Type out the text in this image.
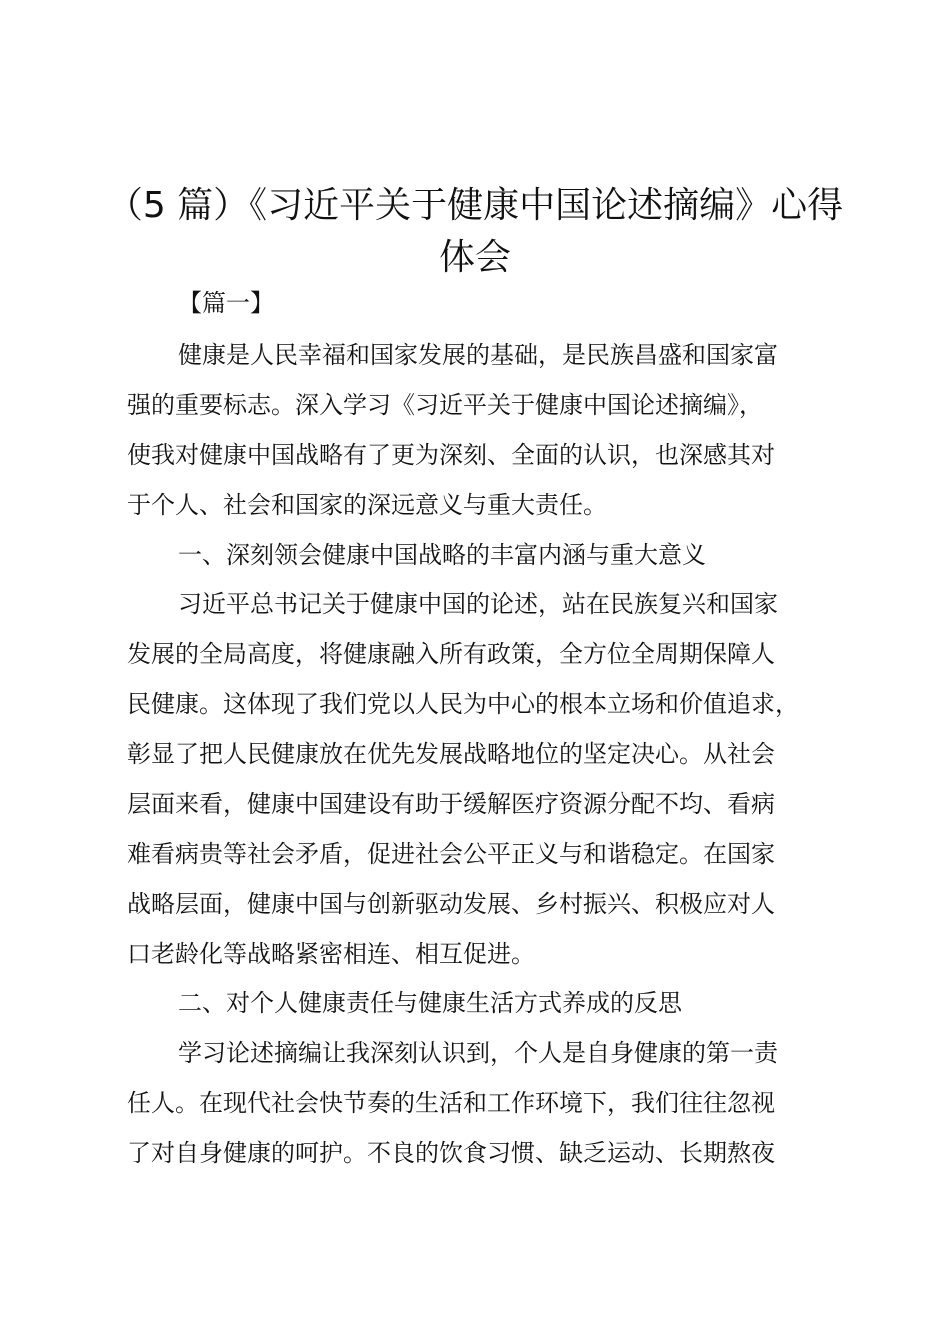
（5 篇）《习近平关于健康中国论述摘编》心得
体会

【篇一】

健康是人民幸福和国家发展的基础，是民族昌盛和国家富
强的重要标志。深入学习《习近平关于健康中国论述摘编》，
使我对健康中国战略有了更为深刻、全面的认识，也深感其对
于个人、社会和国家的深远意义与重大责任。

一、深刻领会健康中国战略的丰富内涵与重大意义

习近平总书记关于健康中国的论述，站在民族复兴和国家
发展的全局高度，将健康融入所有政策，全方位全周期保障人
民健康。这体现了我们党以人民为中心的根本立场和价值追求，
彰显了把人民健康放在优先发展战略地位的坚定决心。从社会
层面来看，健康中国建设有助于缓解医疗资源分配不均、看病
难看病贵等社会矛盾，促进社会公平正义与和谐稳定。在国家
战略层面，健康中国与创新驱动发展、乡村振兴、积极应对人
口老龄化等战略紧密相连、相互促进。

二、对个人健康责任与健康生活方式养成的反思

学习论述摘编让我深刻认识到，个人是自身健康的第一责
任人。在现代社会快节奏的生活和工作环境下，我们往往忽视
了对自身健康的呵护。不良的饮食习惯、缺乏运动、长期熬夜
